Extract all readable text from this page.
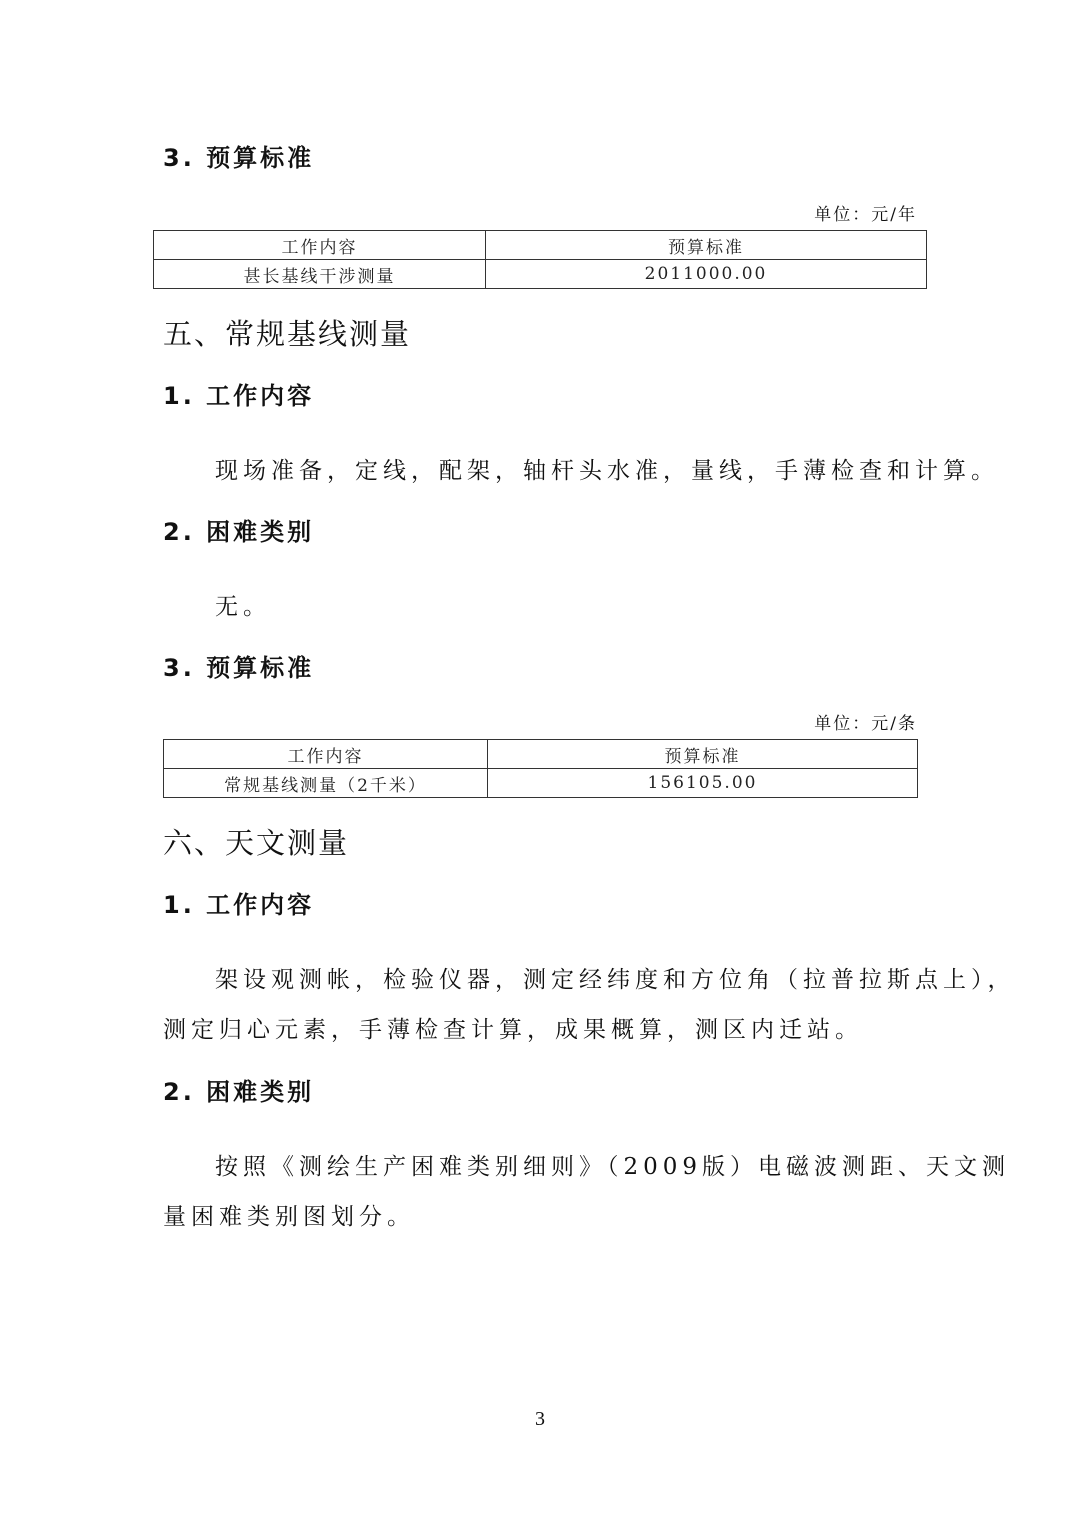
3. 预算标准
单位：元/年
工作内容	预算标准
甚长基线干涉测量	2011000.00
五、常规基线测量
1. 工作内容
现场准备，定线，配架，轴杆头水准，量线，手薄检查和计算。
2. 困难类别
无。
3. 预算标准
单位：元/条
工作内容	预算标准
常规基线测量（2千米）	156105.00
六、天文测量
1. 工作内容
架设观测帐，检验仪器，测定经纬度和方位角（拉普拉斯点上），
测定归心元素，手薄检查计算，成果概算，测区内迁站。
2. 困难类别
按照《测绘生产困难类别细则》（2009版）电磁波测距、天文测
量困难类别图划分。
3
